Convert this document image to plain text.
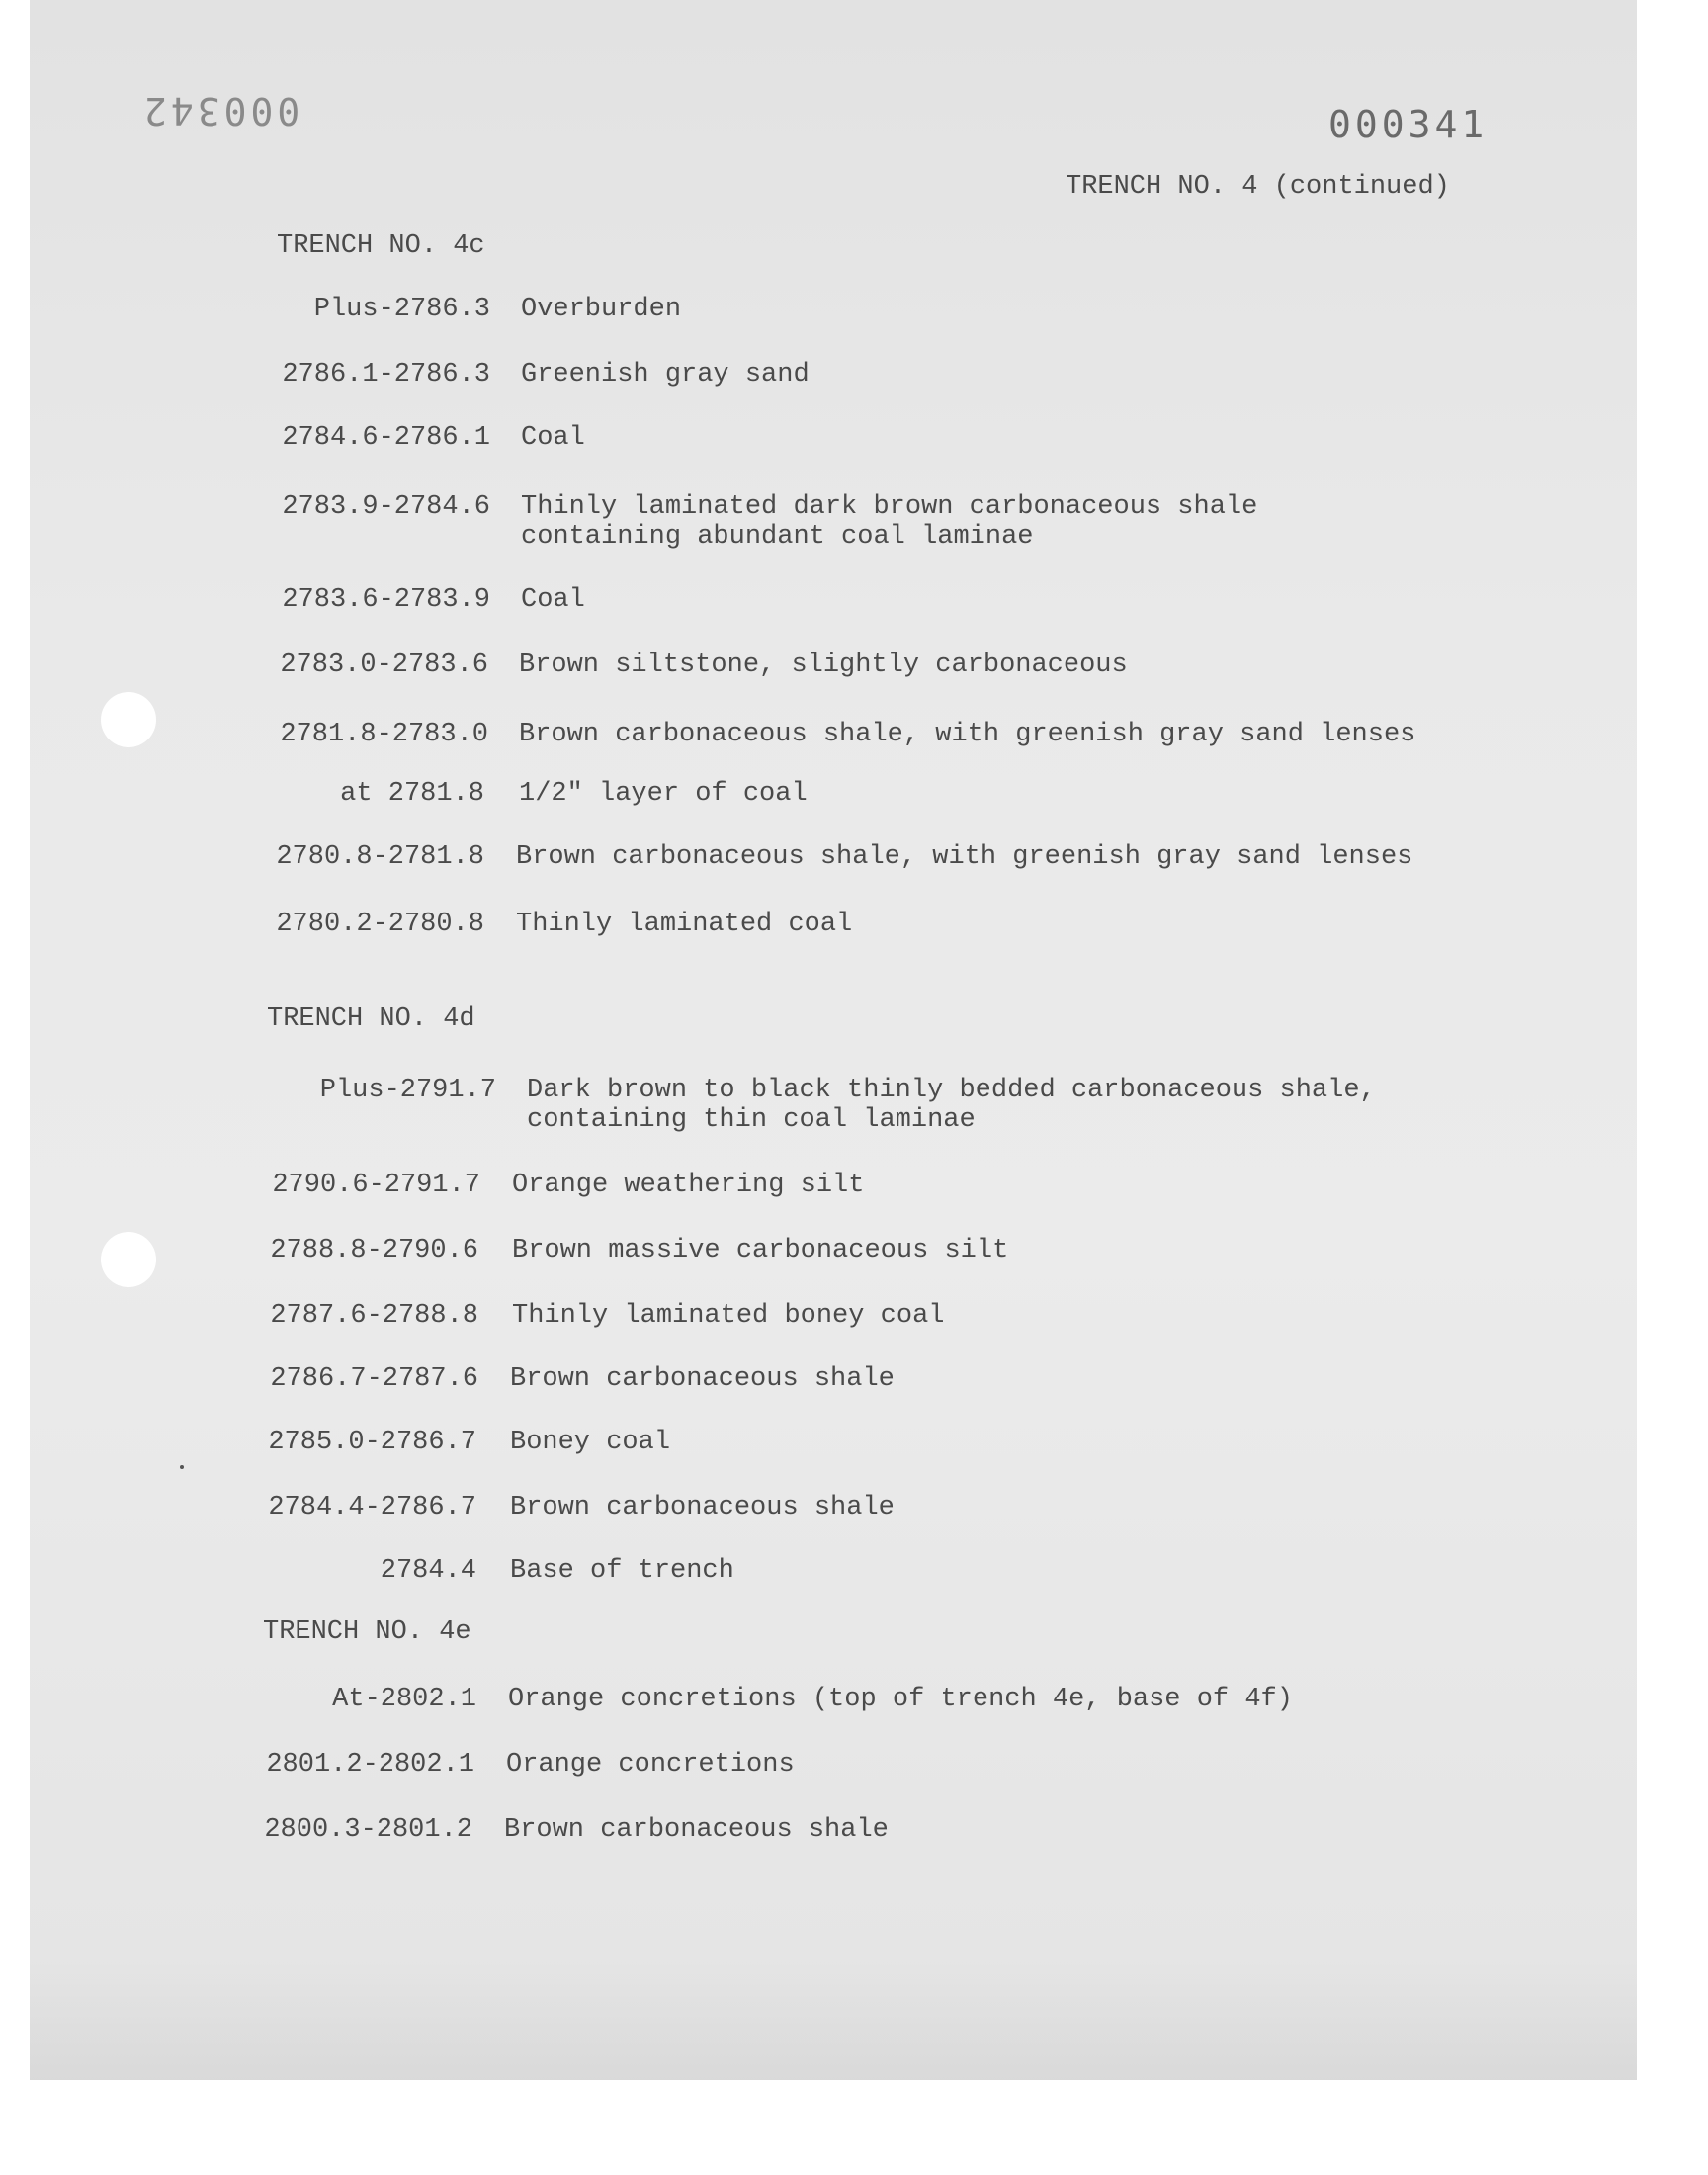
000342	000341
TRENCH NO. 4 (continued)
TRENCH NO. 4c
Plus-2786.3 Overburden
2786.1-2786.3 Greenish gray sand
2784.6-2786.1 Coal
2783.9-2784.6 Thinly laminated dark brown carbonaceous shale
containing abundant coal laminae
2783.6-2783.9 Coal
2783.0-2783.6 Brown siltstone, slightly carbonaceous
2781.8-2783.0 Brown carbonaceous shale, with greenish gray sand lenses
at 2781.8 1/2" layer of coal
2780.8-2781.8 Brown carbonaceous shale, with greenish gray sand lenses
2780.2-2780.8 Thinly laminated coal
TRENCH NO. 4d
Plus-2791.7 Dark brown to black thinly bedded carbonaceous shale,
containing thin coal laminae
2790.6-2791.7 Orange weathering silt
2788.8-2790.6 Brown massive carbonaceous silt
2787.6-2788.8 Thinly laminated boney coal
2786.7-2787.6 Brown carbonaceous shale
2785.0-2786.7 Boney coal
2784.4-2786.7 Brown carbonaceous shale
2784.4 Base of trench
TRENCH NO. 4e
At-2802.1 Orange concretions (top of trench 4e, base of 4f)
2801.2-2802.1 Orange concretions
2800.3-2801.2 Brown carbonaceous shale
